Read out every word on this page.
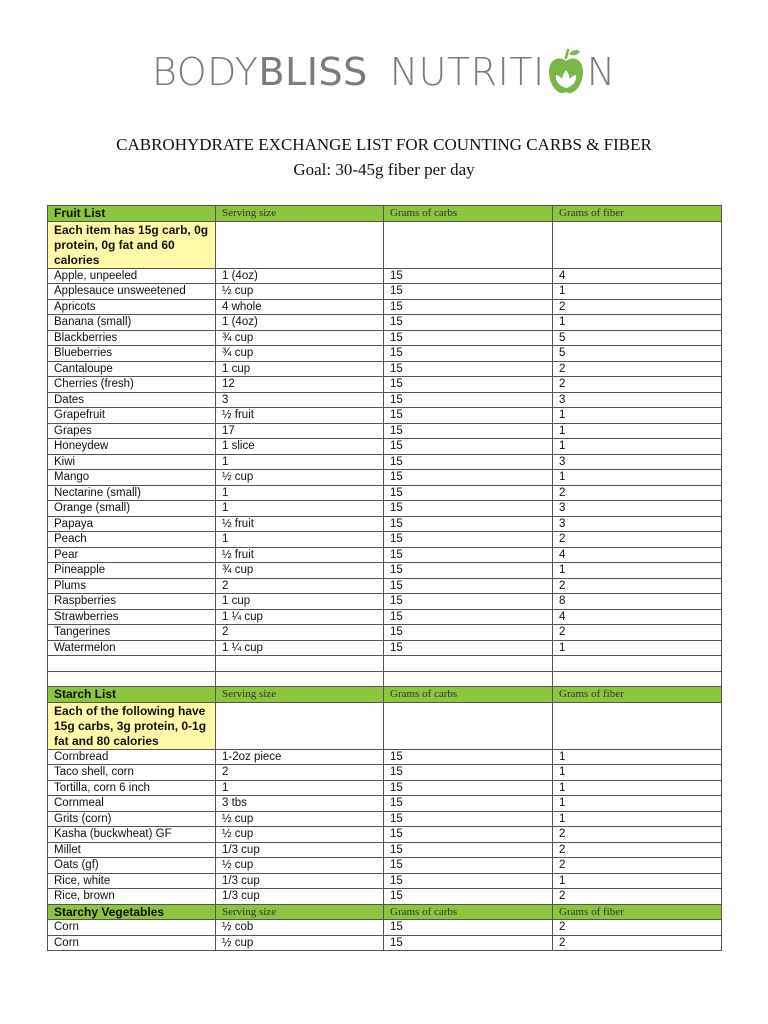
BODY BLISS NUTRITI N
CABROHYDRATE EXCHANGE LIST FOR COUNTING CARBS & FIBER
Goal: 30-45g fiber per day
Fruit List	Serving size	Grams of carbs	Grams of fiber
Each item has 15g carb, 0g protein, 0g fat and 60 calories			
Apple, unpeeled	1 (4oz)	15	4
Applesauce unsweetened	½ cup	15	1
Apricots	4 whole	15	2
Banana (small)	1 (4oz)	15	1
Blackberries	¾ cup	15	5
Blueberries	¾ cup	15	5
Cantaloupe	1 cup	15	2
Cherries (fresh)	12	15	2
Dates	3	15	3
Grapefruit	½ fruit	15	1
Grapes	17	15	1
Honeydew	1 slice	15	1
Kiwi	1	15	3
Mango	½ cup	15	1
Nectarine (small)	1	15	2
Orange (small)	1	15	3
Papaya	½ fruit	15	3
Peach	1	15	2
Pear	½ fruit	15	4
Pineapple	¾ cup	15	1
Plums	2	15	2
Raspberries	1 cup	15	8
Strawberries	1 ¼ cup	15	4
Tangerines	2	15	2
Watermelon	1 ¼ cup	15	1

Starch List	Serving size	Grams of carbs	Grams of fiber
Each of the following have 15g carbs, 3g protein, 0-1g fat and 80 calories			
Cornbread	1-2oz piece	15	1
Taco shell, corn	2	15	1
Tortilla, corn 6 inch	1	15	1
Cornmeal	3 tbs	15	1
Grits (corn)	½ cup	15	1
Kasha (buckwheat) GF	½ cup	15	2
Millet	1/3 cup	15	2
Oats (gf)	½ cup	15	2
Rice, white	1/3 cup	15	1
Rice, brown	1/3 cup	15	2
Starchy Vegetables	Serving size	Grams of carbs	Grams of fiber
Corn	½ cob	15	2
Corn	½ cup	15	2
